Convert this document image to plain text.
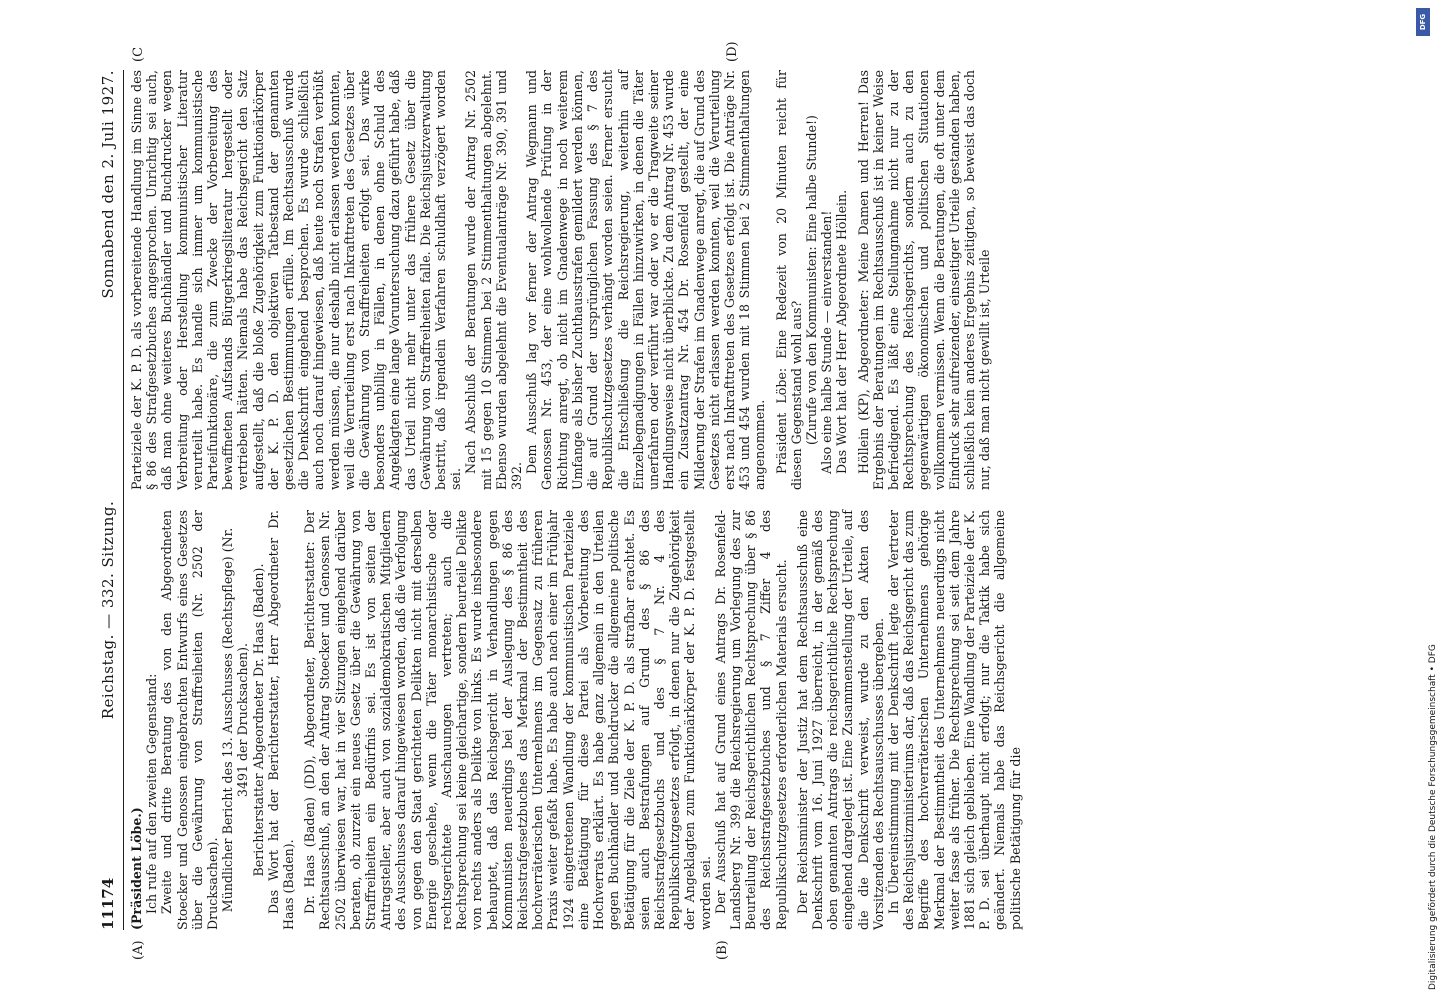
11174
Reichstag. — 332. Sitzung.
Sonnabend den 2. Juli 1927.

(Präsident Löbe.) Ich rufe auf den zweiten Gegenstand: Zweite und dritte Beratung des von den Abgeordneten Stoecker und Genossen eingebrachten Entwurfs eines Gesetzes über die Gewährung von Straffreiheiten (Nr. 2502 der Drucksachen). Mündlicher Bericht des 13. Ausschusses (Rechtspflege) (Nr. 3491 der Drucksachen). Berichterstatter Abgeordneter Dr. Haas (Baden). Das Wort hat der Berichterstatter, Herr Abgeordneter Dr. Haas (Baden). Dr. Haas (Baden) (DD), Abgeordneter, Berichterstatter: Der Rechtsausschuß, an den der Antrag Stoecker und Genossen Nr. 2502 überwiesen war, hat in vier Sitzungen eingehend darüber beraten, ob zurzeit ein neues Gesetz über die Gewährung von Straffreiheiten ein Bedürfnis sei. Es ist von seiten der Antragsteller, aber auch von sozialdemokratischen Mitgliedern des Ausschusses darauf hingewiesen worden, daß die Verfolgung von gegen den Staat gerichteten Delikten nicht mit derselben Energie geschehe, wenn die Täter monarchistische oder rechtsgerichtete Anschauungen vertreten; auch die Rechtsprechung sei keine gleichartige, sondern beurteile Delikte von rechts anders als Delikte von links. Es wurde insbesondere behauptet, daß das Reichsgericht in Verhandlungen gegen Kommunisten neuerdings bei der Auslegung des § 86 des Reichsstrafgesetzbuches das Merkmal der Bestimmtheit des hochverräterischen Unternehmens im Gegensatz zu früheren Praxis weiter gefaßt habe. Es habe auch nach einer im Frühjahr 1924 eingetretenen Wandlung der kommunistischen Parteiziele eine Betätigung für diese Partei als Vorbereitung des Hochverrats erklärt. Es habe ganz allgemein in den Urteilen gegen Buchhändler und Buchdrucker die allgemeine politische Betätigung für die Ziele der K. P. D. als strafbar erachtet. Es seien auch Bestrafungen auf Grund des § 86 des Reichsstrafgesetzbuchs und des § 7 Nr. 4 des Republikschutzgesetzes erfolgt, in denen nur die Zugehörigkeit der Angeklagten zum Funktionärkörper der K. P. D. festgestellt worden sei. Der Ausschuß hat auf Grund eines Antrags Dr. Rosenfeld-Landsberg Nr. 399 die Reichsregierung um Vorlegung des zur Beurteilung der Reichsgerichtlichen Rechtsprechung über § 86 des Reichsstrafgesetzbuches und § 7 Ziffer 4 des Republikschutzgesetzes erforderlichen Materials ersucht. Der Reichsminister der Justiz hat dem Rechtsausschuß eine Denkschrift vom 16. Juni 1927 überreicht, in der gemäß des oben genannten Antrags die reichsgerichtliche Rechtsprechung eingehend dargelegt ist. Eine Zusammenstellung der Urteile, auf die die Denkschrift verweist, wurde zu den Akten des Vorsitzenden des Rechtsausschusses übergeben. In Übereinstimmung mit der Denkschrift legte der Vertreter des Reichsjustizministeriums dar, daß das Reichsgericht das zum Begriffe des hochverräterischen Unternehmens gehörige Merkmal der Bestimmtheit des Unternehmens neuerdings nicht weiter fasse als früher. Die Rechtsprechung sei seit dem Jahre 1881 sich gleich geblieben. Eine Wandlung der Parteiziele der K. P. D. sei überhaupt nicht erfolgt; nur die Taktik habe sich geändert. Niemals habe das Reichsgericht die allgemeine politische Betätigung für die

Parteiziele der K. P. D. als vorbereitende Handlung im Sinne des § 86 des Strafgesetzbuches angesprochen. Unrichtig sei auch, daß man ohne weiteres Buchhändler und Buchdrucker wegen Verbreitung oder Herstellung kommunistischer Literatur verurteilt habe. Es handle sich immer um kommunistische Parteifunktionäre, die zum Zwecke der Vorbereitung des bewaffneten Aufstands Bürgerkriegsliteratur hergestellt oder vertrieben hätten. Niemals habe das Reichsgericht den Satz aufgestellt, daß die bloße Zugehörigkeit zum Funktionärkörper der K. P. D. den objektiven Tatbestand der genannten gesetzlichen Bestimmungen erfülle. Im Rechtsausschuß wurde die Denkschrift eingehend besprochen. Es wurde schließlich auch noch darauf hingewiesen, daß heute noch Strafen verbüßt werden müssen, die nur deshalb nicht erlassen werden konnten, weil die Verurteilung erst nach Inkrafttreten des Gesetzes über die Gewährung von Straffreiheiten erfolgt sei. Das wirke besonders unbillig in Fällen, in denen ohne Schuld des Angeklagten eine lange Voruntersuchung dazu geführt habe, daß das Urteil nicht mehr unter das frühere Gesetz über die Gewährung von Straffreiheiten falle. Die Reichsjustizverwaltung bestritt, daß irgendein Verfahren schuldhaft verzögert worden sei.

Nach Abschluß der Beratungen wurde der Antrag Nr. 2502 mit 15 gegen 10 Stimmen bei 2 Stimmenthaltungen abgelehnt. Ebenso wurden abgelehnt die Eventualanträge Nr. 390, 391 und 392.

Dem Ausschuß lag vor ferner der Antrag Wegmann und Genossen Nr. 453, der eine wohlwollende Prüfung in der Richtung anregt, ob nicht im Gnadenwege in noch weiterem Umfange als bisher Zuchthausstrafen gemildert werden können, die auf Grund der ursprünglichen Fassung des § 7 des Republikschutzgesetzes verhängt worden seien. Ferner ersucht die Entschließung die Reichsregierung, weiterhin auf Einzelbegnadigungen in Fällen hinzuwirken, in denen die Täter unerfahren oder verführt war oder wo er die Tragweite seiner Handlungsweise nicht überblickte. Zu dem Antrag Nr. 453 wurde ein Zusatzantrag Nr. 454 Dr. Rosenfeld gestellt, der eine Milderung der Strafen im Gnadenwege anregt, die auf Grund des Gesetzes nicht erlassen werden konnten, weil die Verurteilung erst nach Inkrafttreten des Gesetzes erfolgt ist. Die Anträge Nr. 453 und 454 wurden mit 18 Stimmen bei 2 Stimmenthaltungen angenommen. Präsident Löbe: Eine Redezeit von 20 Minuten reicht für diesen Gegenstand wohl aus? (Zurufe von den Kommunisten: Eine halbe Stunde!) Also eine halbe Stunde — einverstanden! Das Wort hat der Herr Abgeordnete Höllein. Höllein (KP), Abgeordneter: Meine Damen und Herren! Das Ergebnis der Beratungen im Rechtsausschuß ist in keiner Weise befriedigend. Es läßt eine Stellungnahme nicht nur zu der Rechtsprechung des Reichsgerichts, sondern auch zu den gegenwärtigen ökonomischen und politischen Situationen vollkommen vermissen. Wenn die Beratungen, die oft unter dem Eindruck sehr aufreizender, einseitiger Urteile gestanden haben, schließlich kein anderes Ergebnis zeitigten, so beweist das doch nur, daß man nicht gewillt ist, Urteile

(A)	(B)
(D)
(C
Digitalisierung gefördert durch die Deutsche Forschungsgemeinschaft • DFG
DFG
